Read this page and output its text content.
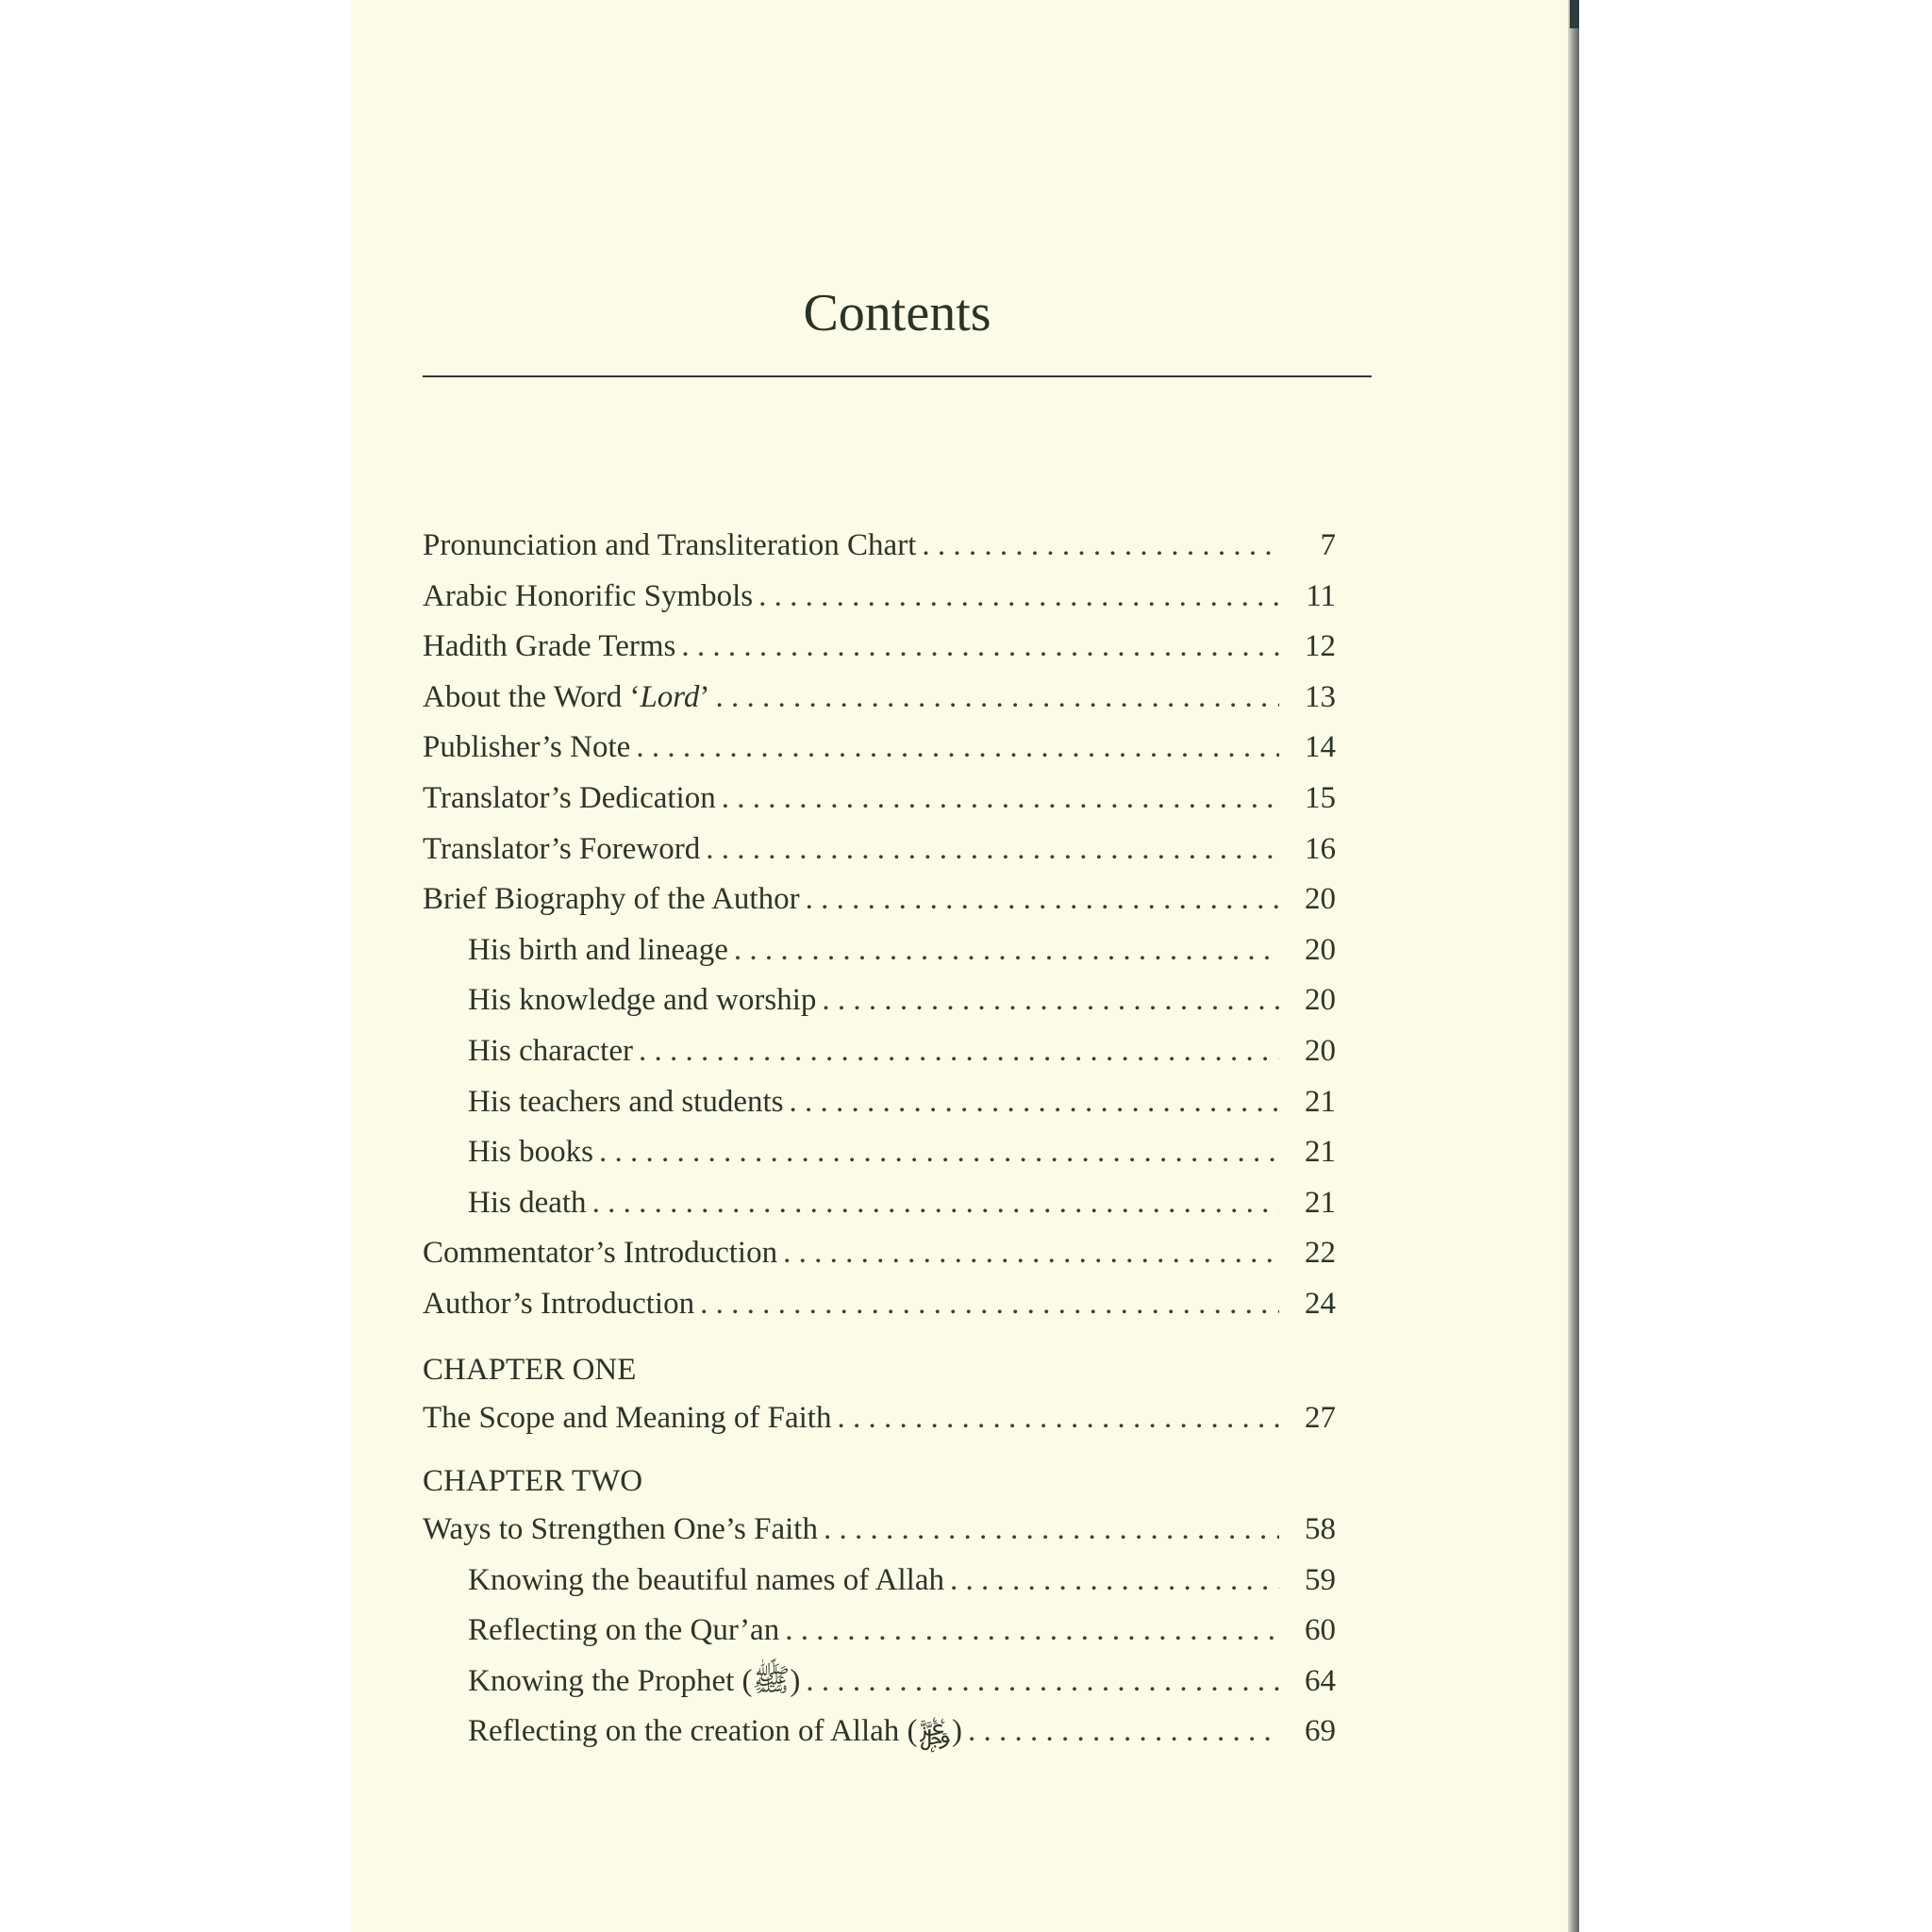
Contents
Pronunciation and Transliteration Chart . . .	7
Arabic Honorific Symbols . . .	11
Hadith Grade Terms . . .	12
About the Word ‘Lord’ . . .	13
Publisher’s Note . . .	14
Translator’s Dedication . . .	15
Translator’s Foreword . . .	16
Brief Biography of the Author . . .	20
His birth and lineage . . .	20
His knowledge and worship . . .	20
His character . . .	20
His teachers and students . . .	21
His books . . .	21
His death . . .	21
Commentator’s Introduction . . .	22
Author’s Introduction . . .	24
CHAPTER ONE
The Scope and Meaning of Faith . . .	27
CHAPTER TWO
Ways to Strengthen One’s Faith . . .	58
Knowing the beautiful names of Allah . . .	59
Reflecting on the Qur’an . . .	60
Knowing the Prophet (ﷺ) . . .	64
Reflecting on the creation of Allah (﷿) . . .	69
